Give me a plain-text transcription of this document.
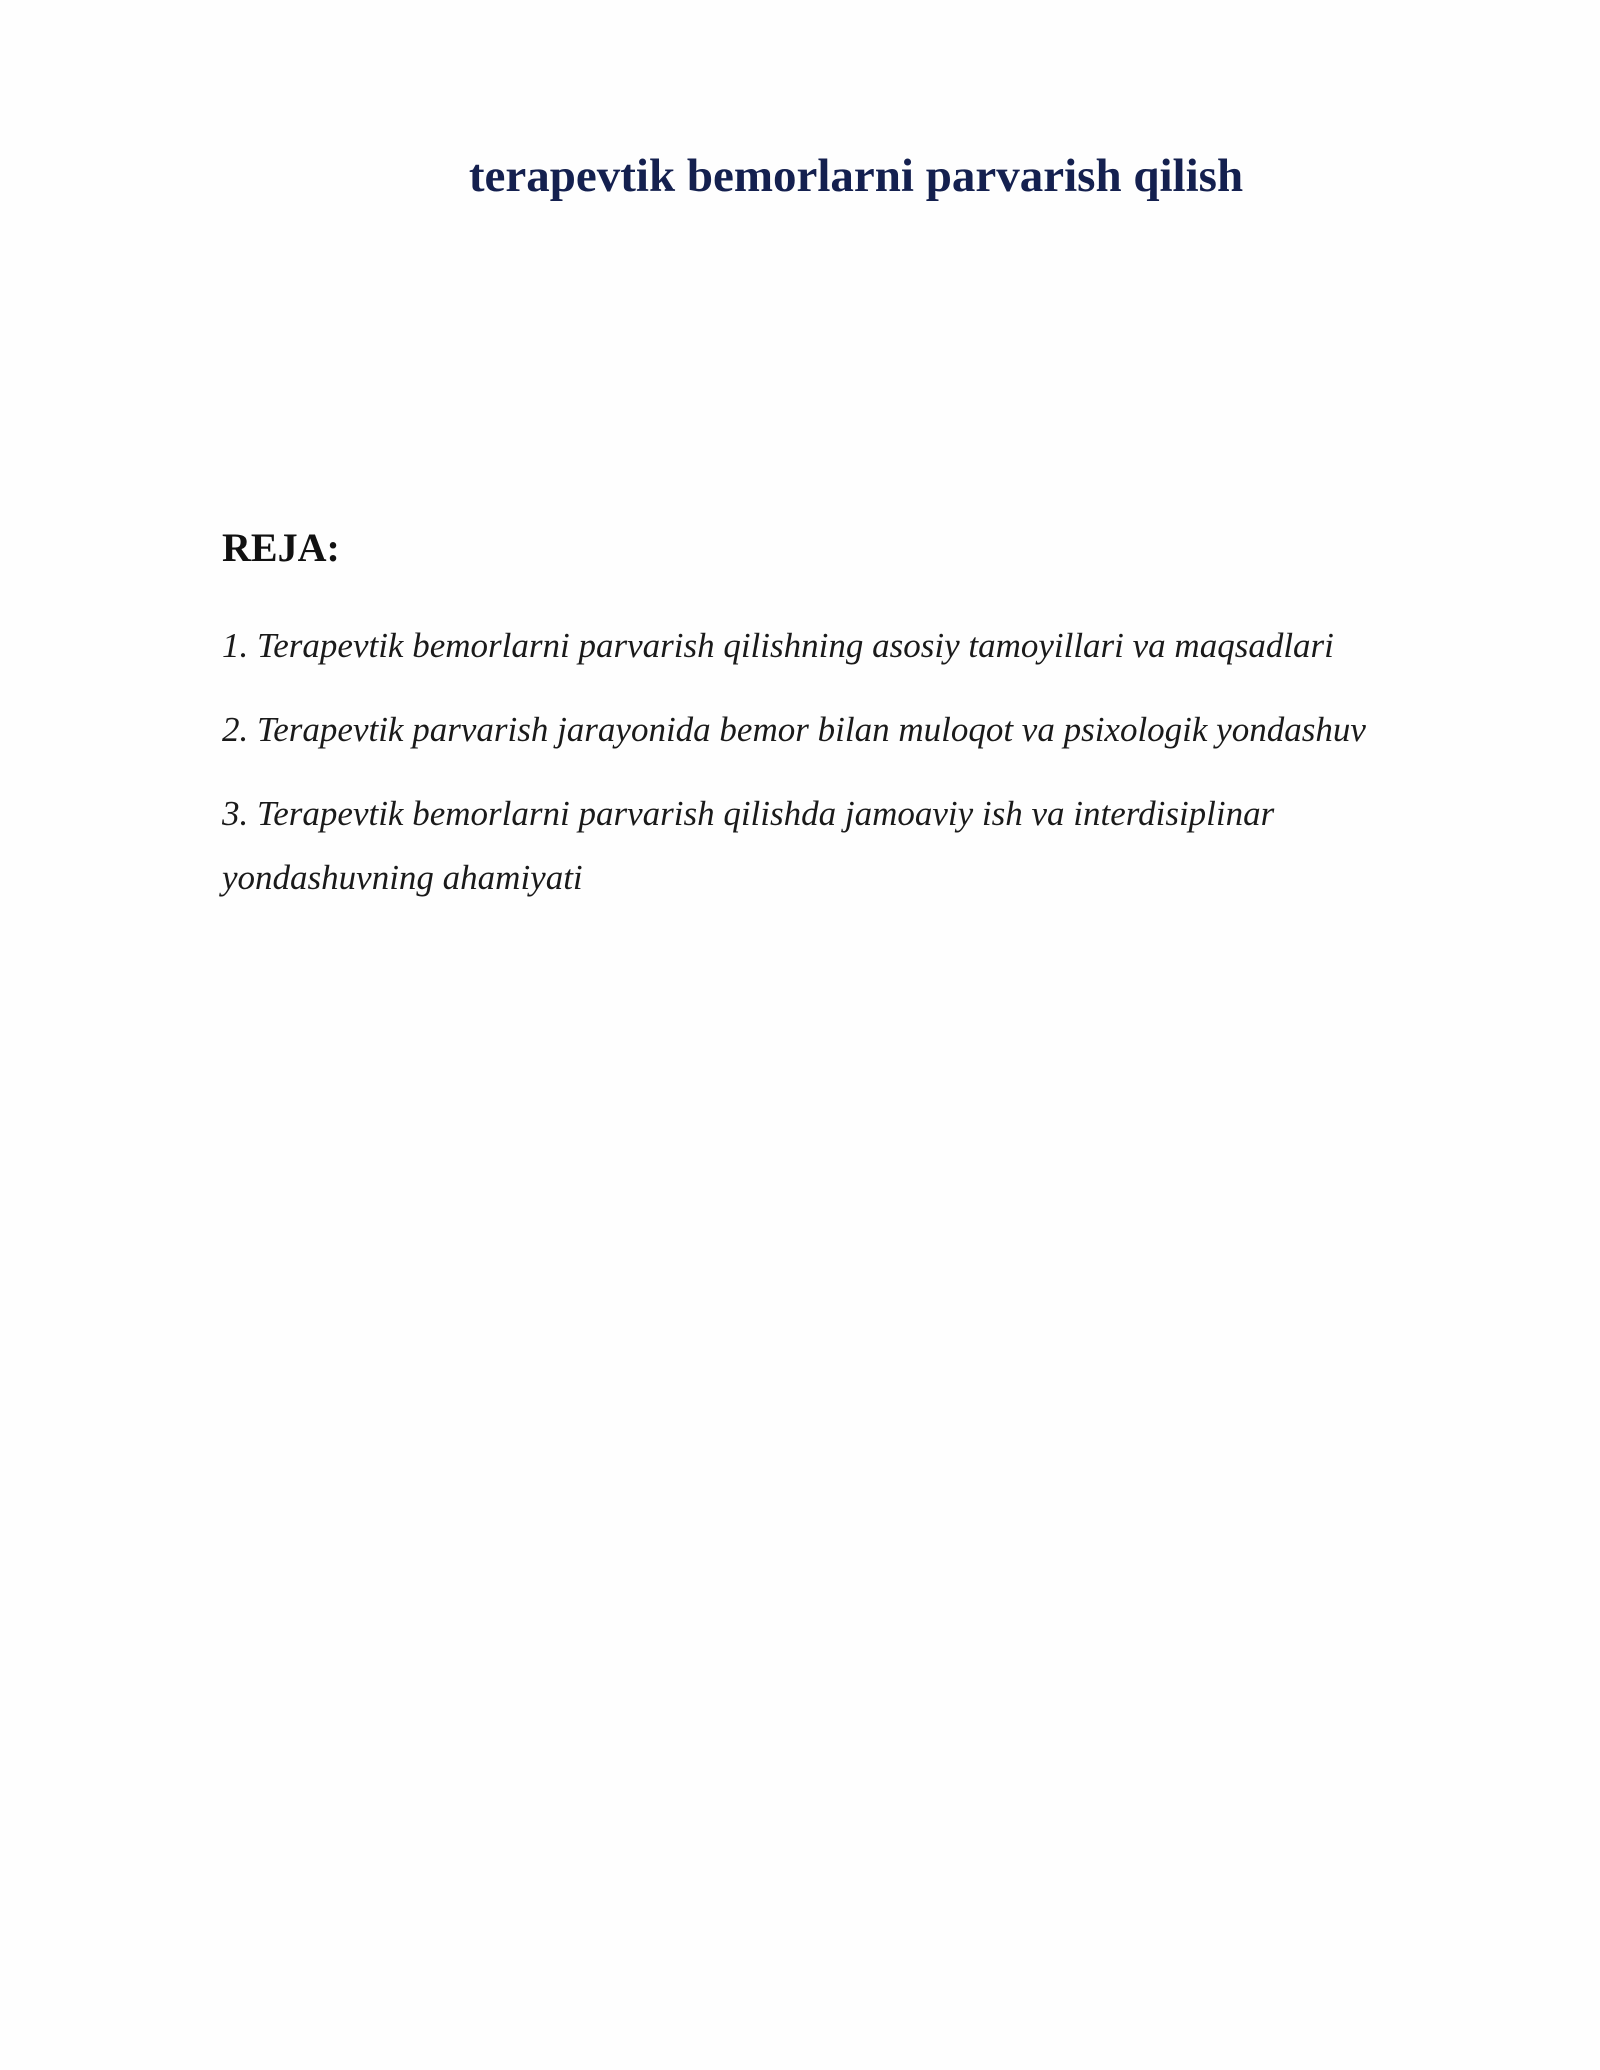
terapevtik bemorlarni parvarish qilish
REJA:
1. Terapevtik bemorlarni parvarish qilishning asosiy tamoyillari va maqsadlari
2. Terapevtik parvarish jarayonida bemor bilan muloqot va psixologik yondashuv
3. Terapevtik bemorlarni parvarish qilishda jamoaviy ish va interdisiplinar yondashuvning ahamiyati
